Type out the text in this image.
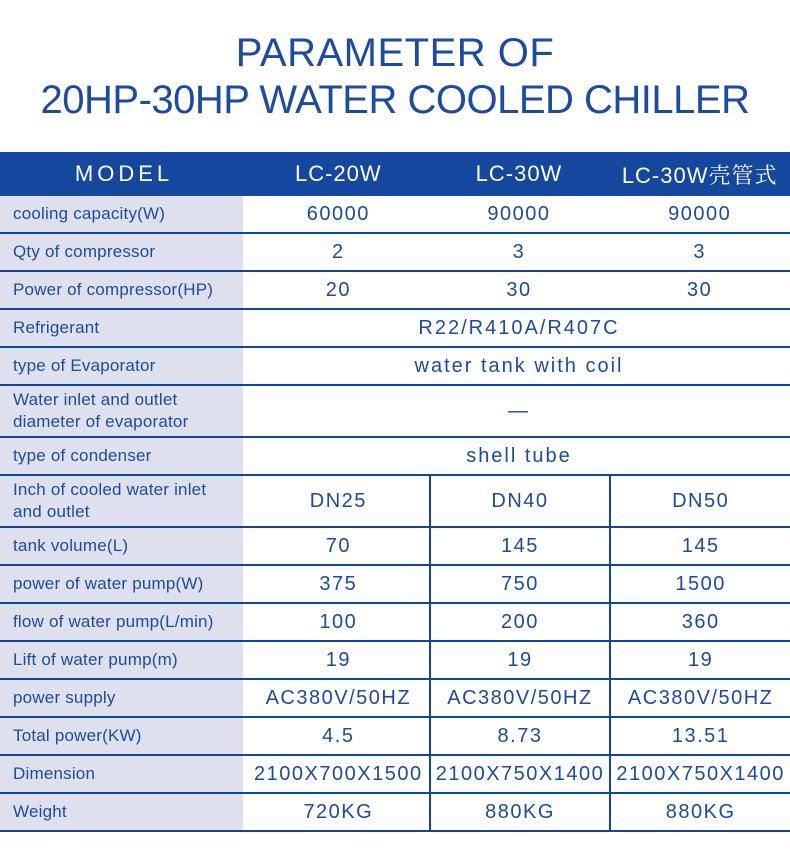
PARAMETER OF
20HP-30HP WATER COOLED CHILLER
MODEL	LC-20W	LC-30W	LC-30W壳管式
cooling capacity(W)	60000	90000	90000
Qty of compressor	2	3	3
Power of compressor(HP)	20	30	30
Refrigerant	R22/R410A/R407C
type of Evaporator	water tank with coil
Water inlet and outlet diameter of evaporator	—
type of condenser	shell tube
Inch of cooled water inlet and outlet	DN25	DN40	DN50
tank volume(L)	70	145	145
power of water pump(W)	375	750	1500
flow of water pump(L/min)	100	200	360
Lift of water pump(m)	19	19	19
power supply	AC380V/50HZ	AC380V/50HZ	AC380V/50HZ
Total power(KW)	4.5	8.73	13.51
Dimension	2100X700X1500 2100X750X1400 2100X750X1400
Weight	720KG	880KG	880KG
